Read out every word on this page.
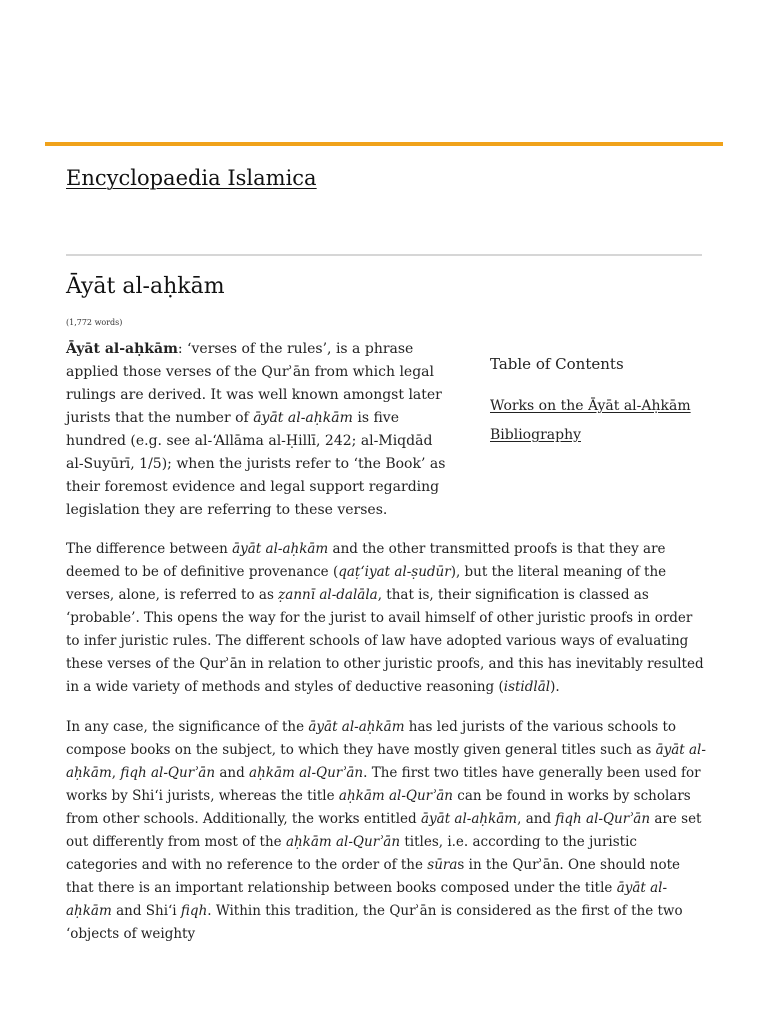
Encyclopaedia Islamica
Āyāt al-aḥkām
(1,772 words)

Āyāt al-aḥkām: ‘verses of the rules’, is a phrase applied those verses of the Qurʾān from which legal rulings are derived. It was well known amongst later jurists that the number of āyāt al-aḥkām is five hundred (e.g. see al-‘Allāma al-Ḥillī, 242; al-Miqdād al-Suyūrī, 1/5); when the jurists refer to ‘the Book’ as their foremost evidence and legal support regarding legislation they are referring to these verses.

Table of Contents
Works on the Āyāt al-Aḥkām
Bibliography

The difference between āyāt al-aḥkām and the other transmitted proofs is that they are deemed to be of definitive provenance (qaṭ‘iyat al-ṣudūr), but the literal meaning of the verses, alone, is referred to as ẓannī al-dalāla, that is, their signification is classed as ‘probable’. This opens the way for the jurist to avail himself of other juristic proofs in order to infer juristic rules. The different schools of law have adopted various ways of evaluating these verses of the Qurʾān in relation to other juristic proofs, and this has inevitably resulted in a wide variety of methods and styles of deductive reasoning (istidlāl).

In any case, the significance of the āyāt al-aḥkām has led jurists of the various schools to compose books on the subject, to which they have mostly given general titles such as āyāt al-aḥkām, fiqh al-Qurʾān and aḥkām al-Qurʾān. The first two titles have generally been used for works by Shi‘i jurists, whereas the title aḥkām al-Qurʾān can be found in works by scholars from other schools. Additionally, the works entitled āyāt al-aḥkām, and fiqh al-Qurʾān are set out differently from most of the aḥkām al-Qurʾān titles, i.e. according to the juristic categories and with no reference to the order of the sūras in the Qurʾān. One should note that there is an important relationship between books composed under the title āyāt al-aḥkām and Shi‘i fiqh. Within this tradition, the Qurʾān is considered as the first of the two ‘objects of weighty
